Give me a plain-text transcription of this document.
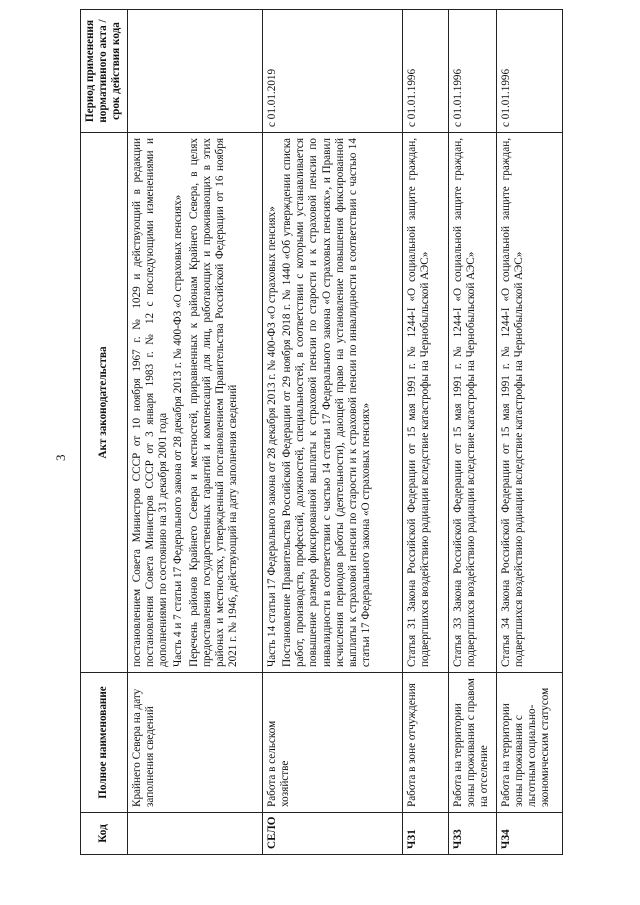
3
Код	Полное наименование	Акт законодательства	Период применения нормативного акта / срок действия кода
	Крайнего Севера на дату заполнения сведений	постановлением Совета Министров СССР от 10 ноября 1967 г. № 1029 и действующий в редакции постановления Совета Министров СССР от 3 января 1983 г. № 12 с последующими изменениями и дополнениями по состоянию на 31 декабря 2001 года Часть 4 и 7 статьи 17 Федерального закона от 28 декабря 2013 г. № 400-ФЗ «О страховых пенсиях» Перечень районов Крайнего Севера и местностей, приравненных к районам Крайнего Севера, в целях предоставления государственных гарантий и компенсаций для лиц, работающих и проживающих в этих районах и местностях, утвержденный постановлением Правительства Российской Федерации от 16 ноября 2021 г. № 1946, действующий на дату заполнения сведений	

СЕЛО	Работа в сельском хозяйстве	Часть 14 статьи 17 Федерального закона от 28 декабря 2013 г. № 400-ФЗ «О страховых пенсиях» Постановление Правительства Российской Федерации от 29 ноября 2018 г. № 1440 «Об утверждении списка работ, производств, профессий, должностей, специальностей, в соответствии с которыми устанавливается повышение размера фиксированной выплаты к страховой пенсии по старости и к страховой пенсии по инвалидности в соответствии с частью 14 статьи 17 Федерального закона «О страховых пенсиях», и Правил исчисления периодов работы (деятельности), дающей право на установление повышения фиксированной выплаты к страховой пенсии по старости и к страховой пенсии по инвалидности в соответствии с частью 14 статьи 17 Федерального закона «О страховых пенсиях»	с 01.01.2019
ЧЗ1	Работа в зоне отчуждения	Статья 31 Закона Российской Федерации от 15 мая 1991 г. № 1244-I «О социальной защите граждан, подвергшихся воздействию радиации вследствие катастрофы на Чернобыльской АЭС»	с 01.01.1996
ЧЗ3	Работа на территории зоны проживания с правом на отселение	Статья 33 Закона Российской Федерации от 15 мая 1991 г. № 1244-I «О социальной защите граждан, подвергшихся воздействию радиации вследствие катастрофы на Чернобыльской АЭС»	с 01.01.1996
ЧЗ4	Работа на территории зоны проживания с льготным социально-экономическим статусом	Статья 34 Закона Российской Федерации от 15 мая 1991 г. № 1244-I «О социальной защите граждан, подвергшихся воздействию радиации вследствие катастрофы на Чернобыльской АЭС»	с 01.01.1996
